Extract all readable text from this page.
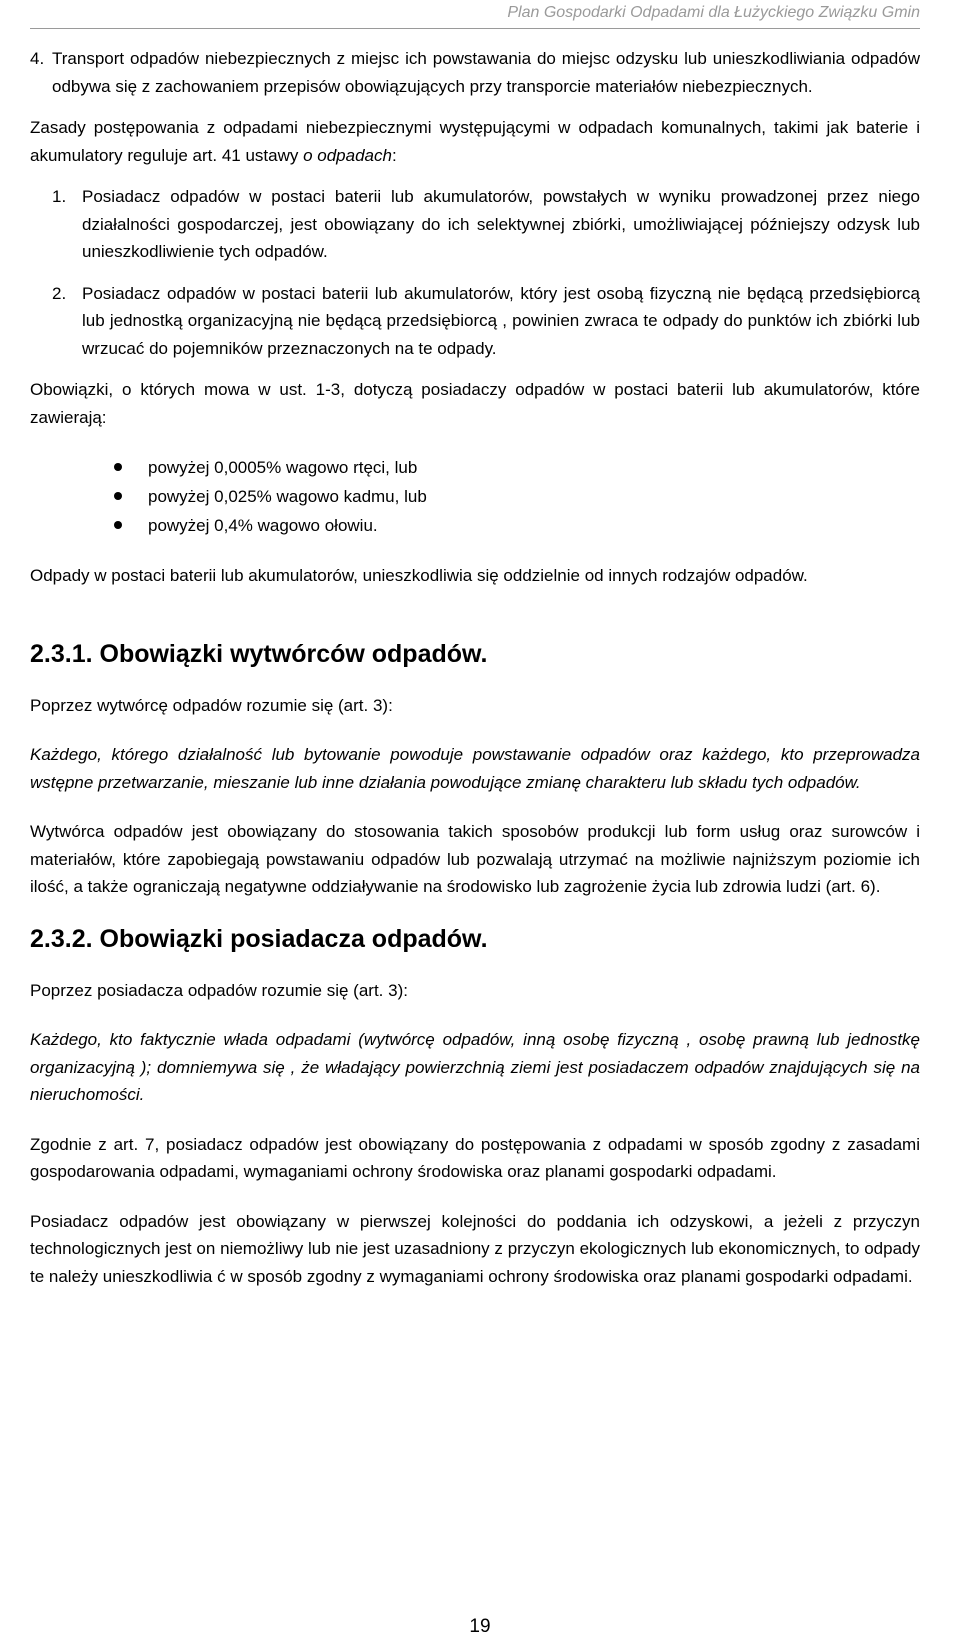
Plan Gospodarki Odpadami dla Łużyckiego Związku Gmin
4. Transport odpadów niebezpiecznych z miejsc ich powstawania do miejsc odzysku lub unieszkodliwiania odpadów odbywa się z zachowaniem przepisów obowiązujących przy transporcie materiałów niebezpiecznych.

Zasady postępowania z odpadami niebezpiecznymi występującymi w odpadach komunalnych, takimi jak baterie i akumulatory reguluje art. 41 ustawy o odpadach:

1. Posiadacz odpadów w postaci baterii lub akumulatorów, powstałych w wyniku prowadzonej przez niego działalności gospodarczej, jest obowiązany do ich selektywnej zbiórki, umożliwiającej późniejszy odzysk lub unieszkodliwienie tych odpadów.

2. Posiadacz odpadów w postaci baterii lub akumulatorów, który jest osobą fizyczną nie będącą przedsiębiorcą lub jednostką organizacyjną nie będącą przedsiębiorcą , powinien zwraca te odpady do punktów ich zbiórki lub wrzucać do pojemników przeznaczonych na te odpady.

Obowiązki, o których mowa w ust. 1-3, dotyczą posiadaczy odpadów w postaci baterii lub akumulatorów, które zawierają:

powyżej 0,0005% wagowo rtęci, lub
powyżej 0,025% wagowo kadmu, lub
powyżej 0,4% wagowo ołowiu.

Odpady w postaci baterii lub akumulatorów, unieszkodliwia się oddzielnie od innych rodzajów odpadów.

2.3.1. Obowiązki wytwórców odpadów.

Poprzez wytwórcę odpadów rozumie się (art. 3):

Każdego, którego działalność lub bytowanie powoduje powstawanie odpadów oraz każdego, kto przeprowadza wstępne przetwarzanie, mieszanie lub inne działania powodujące zmianę charakteru lub składu tych odpadów.

Wytwórca odpadów jest obowiązany do stosowania takich sposobów produkcji lub form usług oraz surowców i materiałów, które zapobiegają powstawaniu odpadów lub pozwalają utrzymać na możliwie najniższym poziomie ich ilość, a także ograniczają negatywne oddziaływanie na środowisko lub zagrożenie życia lub zdrowia ludzi (art. 6).

2.3.2. Obowiązki posiadacza odpadów.

Poprzez posiadacza odpadów rozumie się (art. 3):

Każdego, kto faktycznie włada odpadami (wytwórcę odpadów, inną osobę fizyczną , osobę prawną lub jednostkę organizacyjną ); domniemywa się , że władający powierzchnią ziemi jest posiadaczem odpadów znajdujących się na nieruchomości.

Zgodnie z art. 7, posiadacz odpadów jest obowiązany do postępowania z odpadami w sposób zgodny z zasadami gospodarowania odpadami, wymaganiami ochrony środowiska oraz planami gospodarki odpadami.

Posiadacz odpadów jest obowiązany w pierwszej kolejności do poddania ich odzyskowi, a jeżeli z przyczyn technologicznych jest on niemożliwy lub nie jest uzasadniony z przyczyn ekologicznych lub ekonomicznych, to odpady te należy unieszkodliwia ć w sposób zgodny z wymaganiami ochrony środowiska oraz planami gospodarki odpadami.

19
